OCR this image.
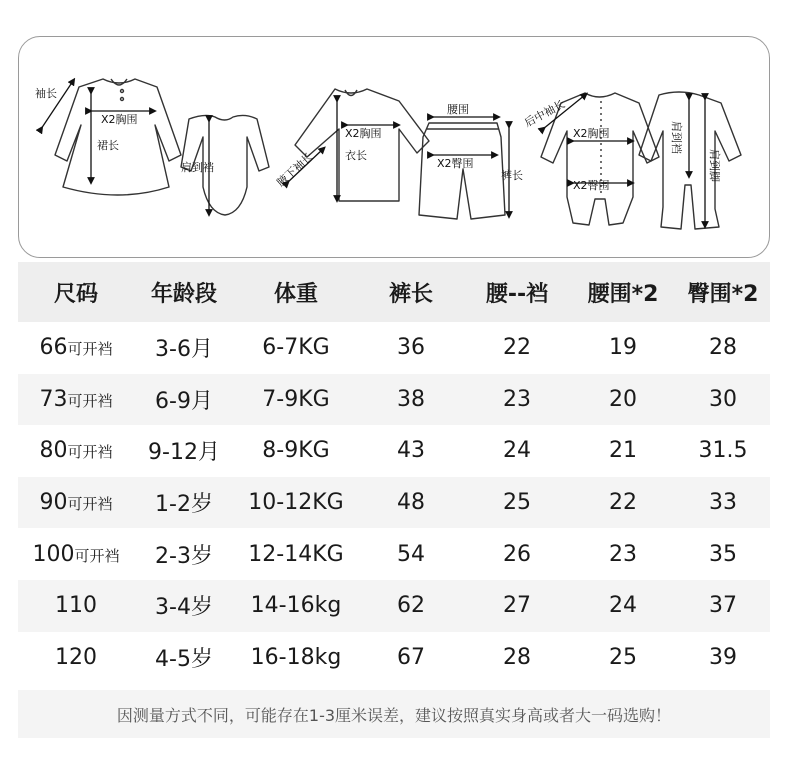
袖长
X2胸围
裙长
肩到裆	腋下袖长
X2胸围
衣长
腰围
X2臀围
裤长
后中袖长
X2胸围
X2臀围
肩到裆
肩到脚
尺码	年龄段	体重	裤长	腰--裆	腰围*2	臀围*2
66可开裆	3-6月	6-7KG	36	22	19	28
73可开裆	6-9月	7-9KG	38	23	20	30
80可开裆	9-12月	8-9KG	43	24	21	31.5
90可开裆	1-2岁	10-12KG	48	25	22	33
100可开裆	2-3岁	12-14KG	54	26	23	35
110	3-4岁	14-16kg	62	27	24	37
120	4-5岁	16-18kg	67	28	25	39
因测量方式不同，可能存在1-3厘米误差，建议按照真实身高或者大一码选购！
